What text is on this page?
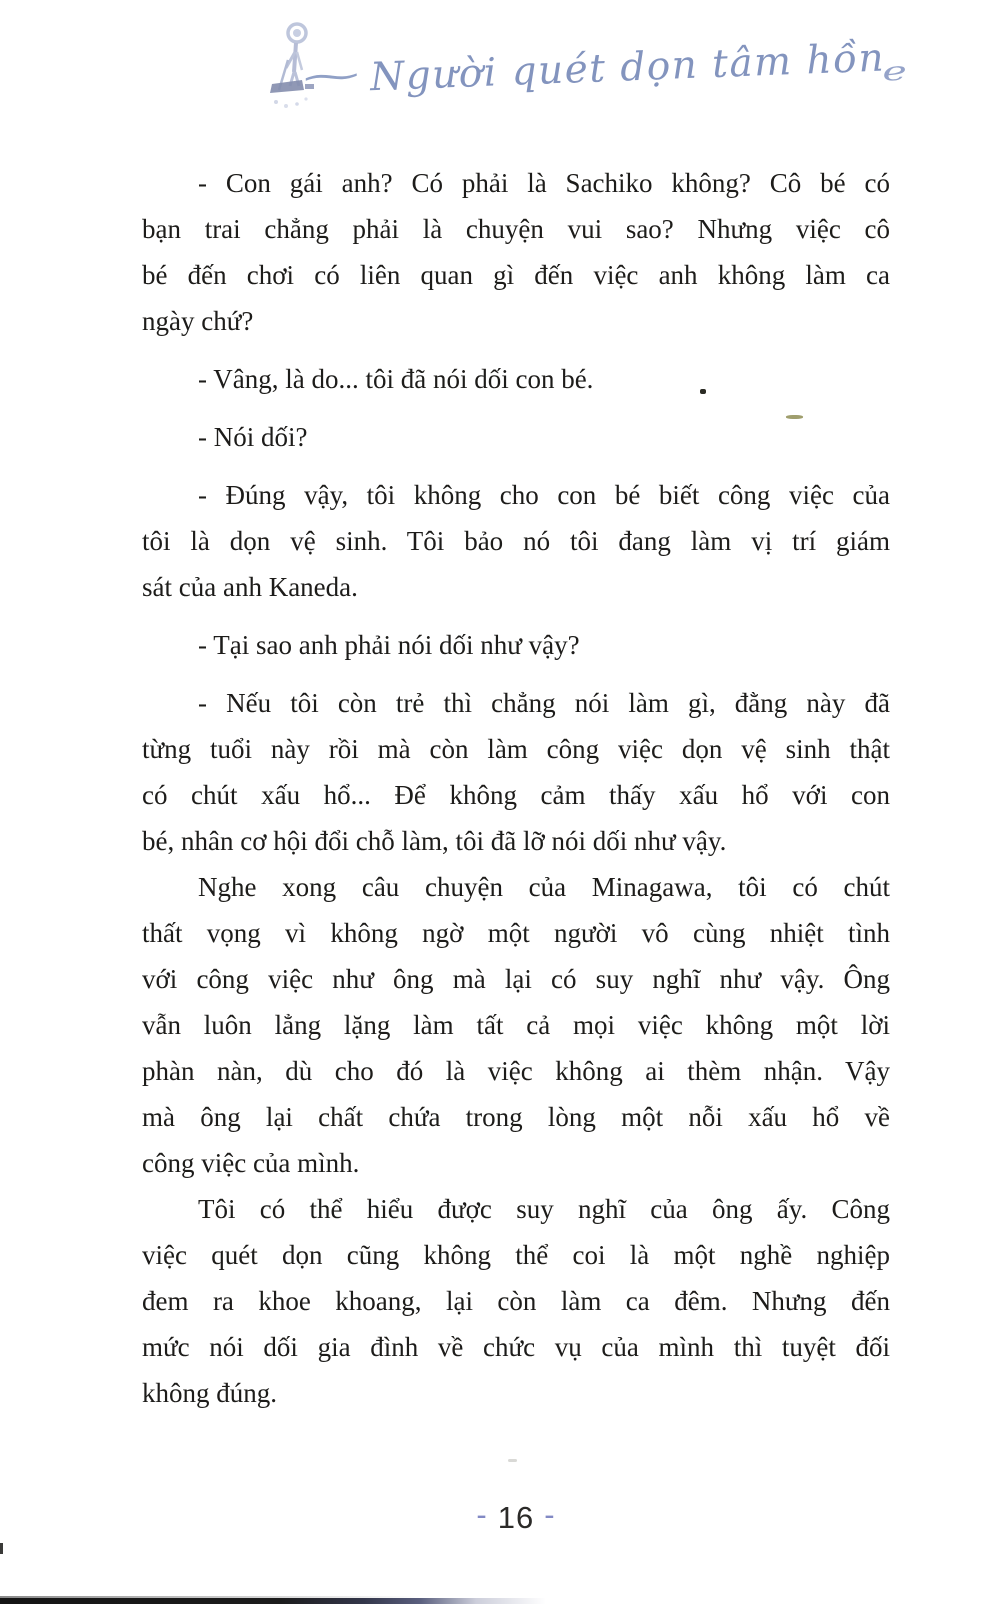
~Người quét dọn tâm hồne
- Con gái anh? Có phải là Sachiko không? Cô bé có
bạn trai chẳng phải là chuyện vui sao? Nhưng việc cô
bé đến chơi có liên quan gì đến việc anh không làm ca
ngày chứ?
- Vâng, là do... tôi đã nói dối con bé.
- Nói dối?
- Đúng vậy, tôi không cho con bé biết công việc của
tôi là dọn vệ sinh. Tôi bảo nó tôi đang làm vị trí giám
sát của anh Kaneda.
- Tại sao anh phải nói dối như vậy?
- Nếu tôi còn trẻ thì chẳng nói làm gì, đằng này đã
từng tuổi này rồi mà còn làm công việc dọn vệ sinh thật
có chút xấu hổ... Để không cảm thấy xấu hổ với con
bé, nhân cơ hội đổi chỗ làm, tôi đã lỡ nói dối như vậy.
Nghe xong câu chuyện của Minagawa, tôi có chút
thất vọng vì không ngờ một người vô cùng nhiệt tình
với công việc như ông mà lại có suy nghĩ như vậy. Ông
vẫn luôn lẳng lặng làm tất cả mọi việc không một lời
phàn nàn, dù cho đó là việc không ai thèm nhận. Vậy
mà ông lại chất chứa trong lòng một nỗi xấu hổ về
công việc của mình.
Tôi có thể hiểu được suy nghĩ của ông ấy. Công
việc quét dọn cũng không thể coi là một nghề nghiệp
đem ra khoe khoang, lại còn làm ca đêm. Nhưng đến
mức nói dối gia đình về chức vụ của mình thì tuyệt đối
không đúng.
- 16 -
